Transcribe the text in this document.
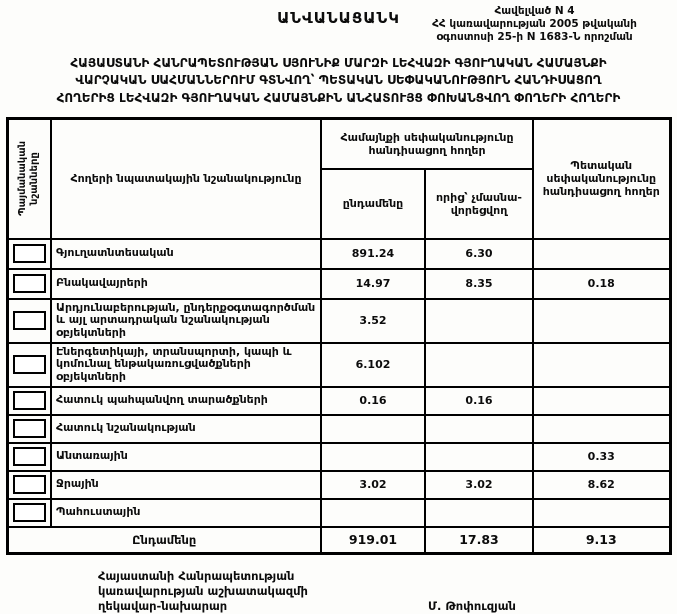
ԱՆՎԱՆԱՑԱՆԿ	Հավելված N 4
ՀՀ կառավարության 2005 թվականի
օգոստոսի 25-ի N 1683-Ն որոշման
ՀԱՅԱՍՏԱՆԻ ՀԱՆՐԱՊԵՏՈՒԹՅԱՆ ՍՅՈՒՆԻՔ ՄԱՐԶԻ ԼԵՀՎԱԶԻ ԳՅՈՒՂԱԿԱՆ ՀԱՄԱՅՆՔԻ
ՎԱՐՉԱԿԱՆ ՍԱՀՄԱՆՆԵՐՈՒՄ ԳՏՆՎՈՂ՝ ՊԵՏԱԿԱՆ ՍԵՓԱԿԱՆՈՒԹՅՈՒՆ ՀԱՆԴԻՍԱՑՈՂ
ՀՈՂԵՐԻՑ ԼԵՀՎԱԶԻ ԳՅՈՒՂԱԿԱՆ ՀԱՄԱՅՆՔԻՆ ԱՆՀԱՏՈՒՅՑ ՓՈԽԱՆՑՎՈՂ ՓՈՂԵՐԻ ՀՈՂԵՐԻ
Պայմանական նշանները	Հողերի նպատակային նշանակությունը	Համայնքի սեփականությունը հանդիսացող հողեր		Պետական սեփականությունը հանդիսացող հողեր
		ընդամենը	որից՝ չմասնավորեցվող	
	Գյուղատնտեսական	891.24	6.30	
	Բնակավայրերի	14.97	8.35	0.18
	Արդյունաբերության, ընդերքօգտագործման և այլ արտադրական նշանակության օբյեկտների	3.52		
	Էներգետիկայի, տրանսպորտի, կապի և կոմունալ ենթակառուցվածքների օբյեկտների	6.102		
	Հատուկ պահպանվող տարածքների	0.16	0.16	
	Հատուկ նշանակության			
	Անտառային			0.33
	Ջրային	3.02	3.02	8.62
	Պահուստային			
Ընդամենը		919.01	17.83	9.13
Հայաստանի Հանրապետության
կառավարության աշխատակազմի
ղեկավար-նախարար	Մ. Թոփուզյան
